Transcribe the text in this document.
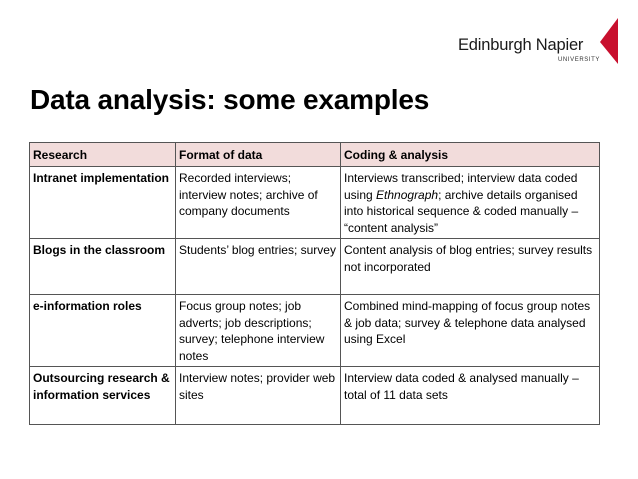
Edinburgh Napier
UNIVERSITY
Data analysis: some examples
Research	Format of data	Coding & analysis
Intranet implementation	Recorded interviews; interview notes; archive of company documents	Interviews transcribed; interview data coded using Ethnograph; archive details organised into historical sequence & coded manually – “content analysis”
Blogs in the classroom	Students’ blog entries; survey	Content analysis of blog entries; survey results not incorporated
e-information roles	Focus group notes; job adverts; job descriptions; survey; telephone interview notes	Combined mind-mapping of focus group notes & job data; survey & telephone data analysed using Excel
Outsourcing research & information services	Interview notes; provider web sites	Interview data coded & analysed manually – total of 11 data sets
